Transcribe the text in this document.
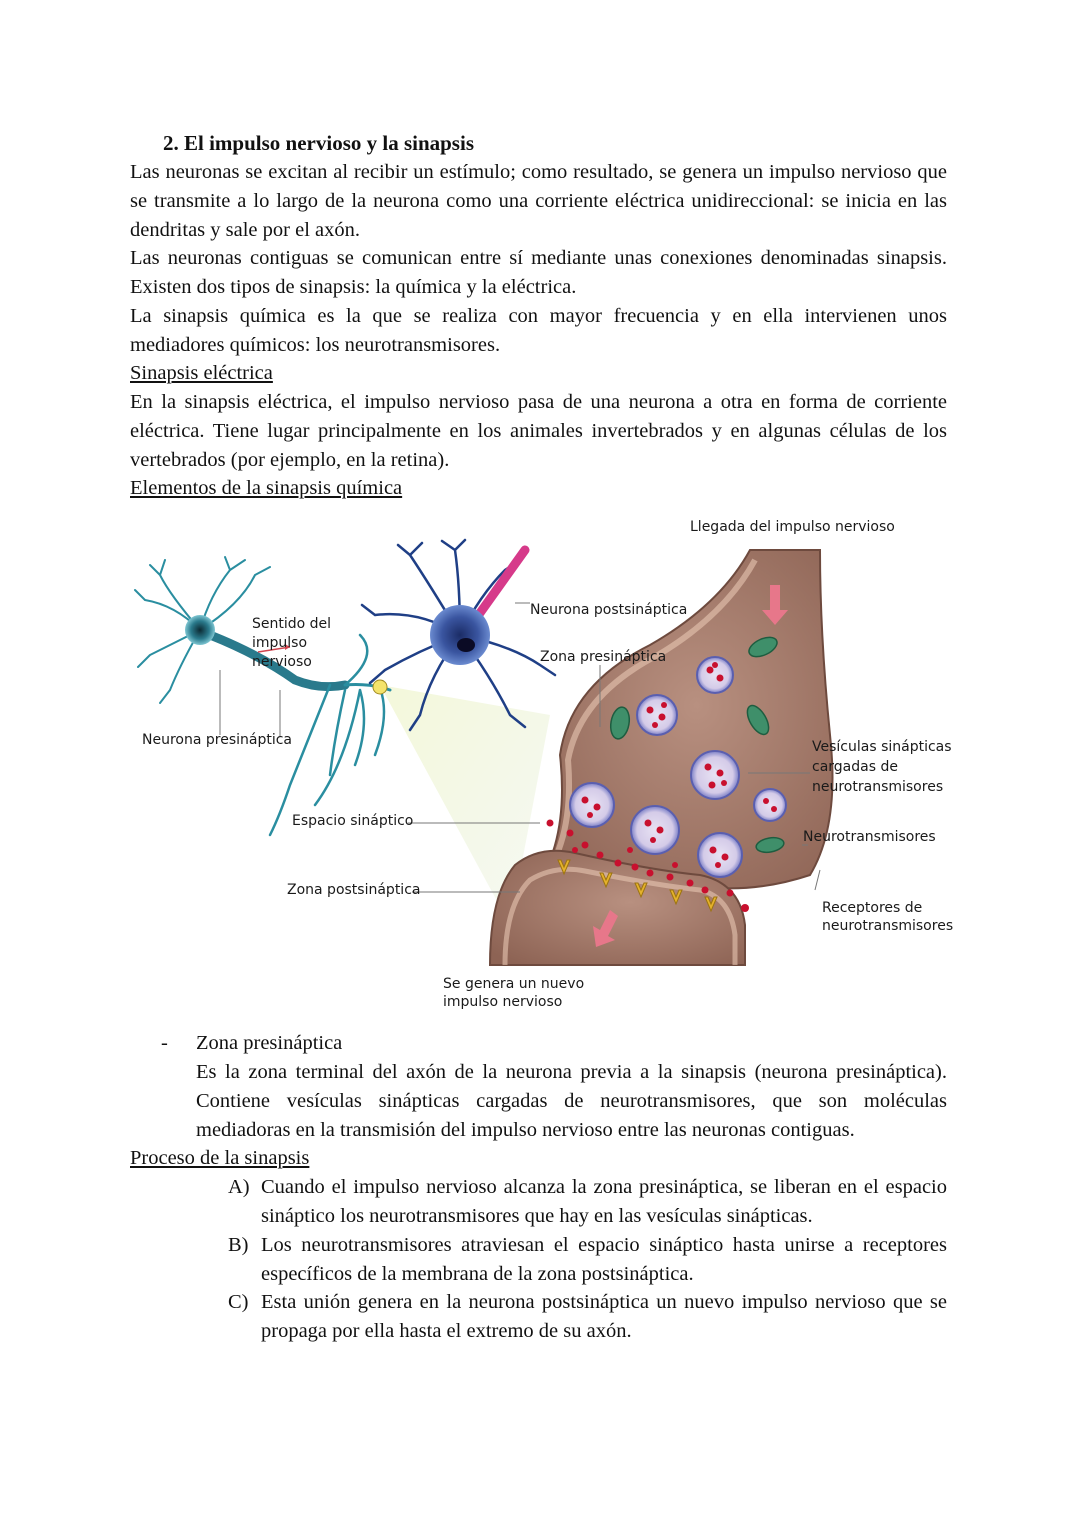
2. El impulso nervioso y la sinapsis
Las neuronas se excitan al recibir un estímulo; como resultado, se genera un impulso nervioso que se transmite a lo largo de la neurona como una corriente eléctrica unidireccional: se inicia en las dendritas y sale por el axón.
Las neuronas contiguas se comunican entre sí mediante unas conexiones denominadas sinapsis. Existen dos tipos de sinapsis: la química y la eléctrica.
La sinapsis química es la que se realiza con mayor frecuencia y en ella intervienen unos mediadores químicos: los neurotransmisores.
Sinapsis eléctrica
En la sinapsis eléctrica, el impulso nervioso pasa de una neurona a otra en forma de corriente eléctrica. Tiene lugar principalmente en los animales invertebrados y en algunas células de los vertebrados (por ejemplo, en la retina).
Elementos de la sinapsis química
Llegada del impulso nervioso
Neurona postsináptica
Sentido del impulso nervioso	Zona presináptica
Neurona presináptica	Vesículas sinápticas cargadas de neurotransmisores
Espacio sináptico
Neurotransmisores
Zona postsináptica
Receptores de neurotransmisores
Se genera un nuevo impulso nervioso
- Zona presináptica
Es la zona terminal del axón de la neurona previa a la sinapsis (neurona presináptica). Contiene vesículas sinápticas cargadas de neurotransmisores, que son moléculas mediadoras en la transmisión del impulso nervioso entre las neuronas contiguas.
Proceso de la sinapsis
A) Cuando el impulso nervioso alcanza la zona presináptica, se liberan en el espacio sináptico los neurotransmisores que hay en las vesículas sinápticas.
B) Los neurotransmisores atraviesan el espacio sináptico hasta unirse a receptores específicos de la membrana de la zona postsináptica.
C) Esta unión genera en la neurona postsináptica un nuevo impulso nervioso que se propaga por ella hasta el extremo de su axón.
